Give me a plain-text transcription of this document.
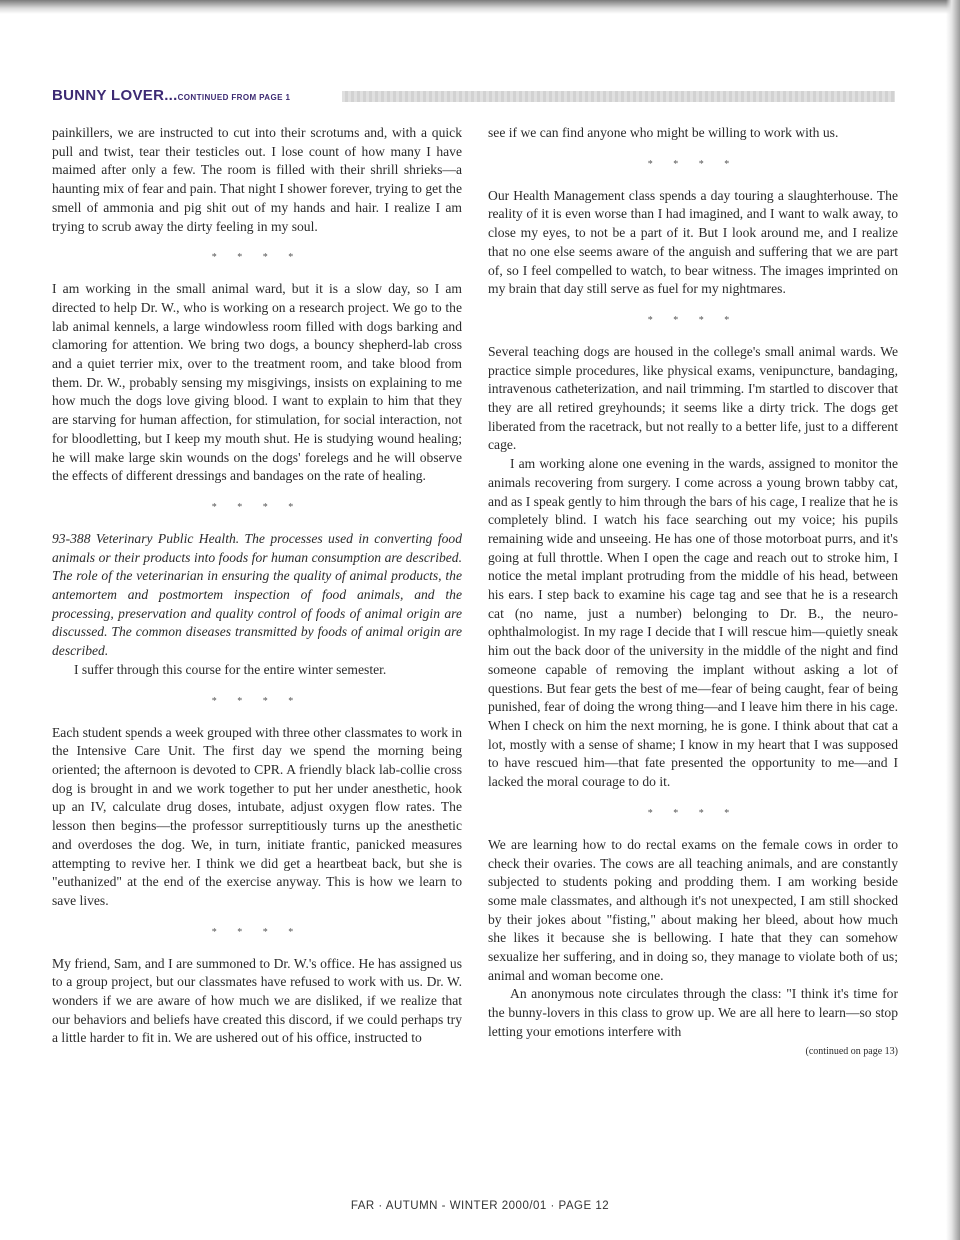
BUNNY LOVER...CONTINUED FROM PAGE 1

painkillers, we are instructed to cut into their scrotums and, with a quick pull and twist, tear their testicles out. I lose count of how many I have maimed after only a few. The room is filled with their shrill shrieks—a haunting mix of fear and pain. That night I shower forever, trying to get the smell of ammonia and pig shit out of my hands and hair. I realize I am trying to scrub away the dirty feeling in my soul.

* * * *

I am working in the small animal ward, but it is a slow day, so I am directed to help Dr. W., who is working on a research project. We go to the lab animal kennels, a large windowless room filled with dogs barking and clamoring for attention. We bring two dogs, a bouncy shepherd-lab cross and a quiet terrier mix, over to the treatment room, and take blood from them. Dr. W., probably sensing my misgivings, insists on explaining to me how much the dogs love giving blood. I want to explain to him that they are starving for human affection, for stimulation, for social interaction, not for bloodletting, but I keep my mouth shut. He is studying wound healing; he will make large skin wounds on the dogs' forelegs and he will observe the effects of different dressings and bandages on the rate of healing.

* * * *

93-388 Veterinary Public Health. The processes used in converting food animals or their products into foods for human consumption are described. The role of the veterinarian in ensuring the quality of animal products, the antemortem and postmortem inspection of food animals, and the processing, preservation and quality control of foods of animal origin are discussed. The common diseases transmitted by foods of animal origin are described.

I suffer through this course for the entire winter semester.

* * * *

Each student spends a week grouped with three other classmates to work in the Intensive Care Unit. The first day we spend the morning being oriented; the afternoon is devoted to CPR. A friendly black lab-collie cross dog is brought in and we work together to put her under anesthetic, hook up an IV, calculate drug doses, intubate, adjust oxygen flow rates. The lesson then begins—the professor surreptitiously turns up the anesthetic and overdoses the dog. We, in turn, initiate frantic, panicked measures attempting to revive her. I think we did get a heartbeat back, but she is "euthanized" at the end of the exercise anyway. This is how we learn to save lives.

* * * *

My friend, Sam, and I are summoned to Dr. W.'s office. He has assigned us to a group project, but our classmates have refused to work with us. Dr. W. wonders if we are aware of how much we are disliked, if we realize that our behaviors and beliefs have created this discord, if we could perhaps try a little harder to fit in. We are ushered out of his office, instructed to

see if we can find anyone who might be willing to work with us.

* * * *

Our Health Management class spends a day touring a slaughterhouse. The reality of it is even worse than I had imagined, and I want to walk away, to close my eyes, to not be a part of it. But I look around me, and I realize that no one else seems aware of the anguish and suffering that we are part of, so I feel compelled to watch, to bear witness. The images imprinted on my brain that day still serve as fuel for my nightmares.

* * * *

Several teaching dogs are housed in the college's small animal wards. We practice simple procedures, like physical exams, venipuncture, bandaging, intravenous catheterization, and nail trimming. I'm startled to discover that they are all retired greyhounds; it seems like a dirty trick. The dogs get liberated from the racetrack, but not really to a better life, just to a different cage.

I am working alone one evening in the wards, assigned to monitor the animals recovering from surgery. I come across a young brown tabby cat, and as I speak gently to him through the bars of his cage, I realize that he is completely blind. I watch his face searching out my voice; his pupils remaining wide and unseeing. He has one of those motorboat purrs, and it's going at full throttle. When I open the cage and reach out to stroke him, I notice the metal implant protruding from the middle of his head, between his ears. I step back to examine his cage tag and see that he is a research cat (no name, just a number) belonging to Dr. B., the neuro-ophthalmologist. In my rage I decide that I will rescue him—quietly sneak him out the back door of the university in the middle of the night and find someone capable of removing the implant without asking a lot of questions. But fear gets the best of me—fear of being caught, fear of being punished, fear of doing the wrong thing—and I leave him there in his cage. When I check on him the next morning, he is gone. I think about that cat a lot, mostly with a sense of shame; I know in my heart that I was supposed to have rescued him—that fate presented the opportunity to me—and I lacked the moral courage to do it.

* * * *

We are learning how to do rectal exams on the female cows in order to check their ovaries. The cows are all teaching animals, and are constantly subjected to students poking and prodding them. I am working beside some male classmates, and although it's not unexpected, I am still shocked by their jokes about "fisting," about making her bleed, about how much she likes it because she is bellowing. I hate that they can somehow sexualize her suffering, and in doing so, they manage to violate both of us; animal and woman become one.

An anonymous note circulates through the class: "I think it's time for the bunny-lovers in this class to grow up. We are all here to learn—so stop letting your emotions interfere with

(continued on page 13)
FAR · AUTUMN - WINTER 2000/01 · PAGE 12
